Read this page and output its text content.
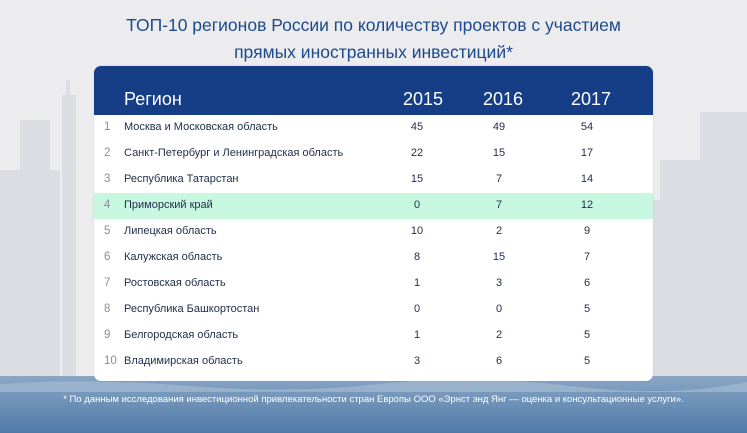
ТОП-10 регионов России по количеству проектов с участием
прямых иностранных инвестиций*
Регион	2015 2016	2017
1 Москва и Московская область	45	49	54
2 Санкт-Петербург и Ленинградская область	22	15	17
3 Республика Татарстан	15	7	14
4 Приморский край	0	7	12
5 Липецкая область	10	2	9
6 Калужская область	8	15	7
7 Ростовская область	1	3	6
8 Республика Башкортостан	0	0	5
9 Белгородская область	1	2	5
10 Владимирская область	3	6	5
* По данным исследования инвестиционной привлекательности стран Европы ООО «Эрнст энд Янг — оценка и консультационные услуги».
